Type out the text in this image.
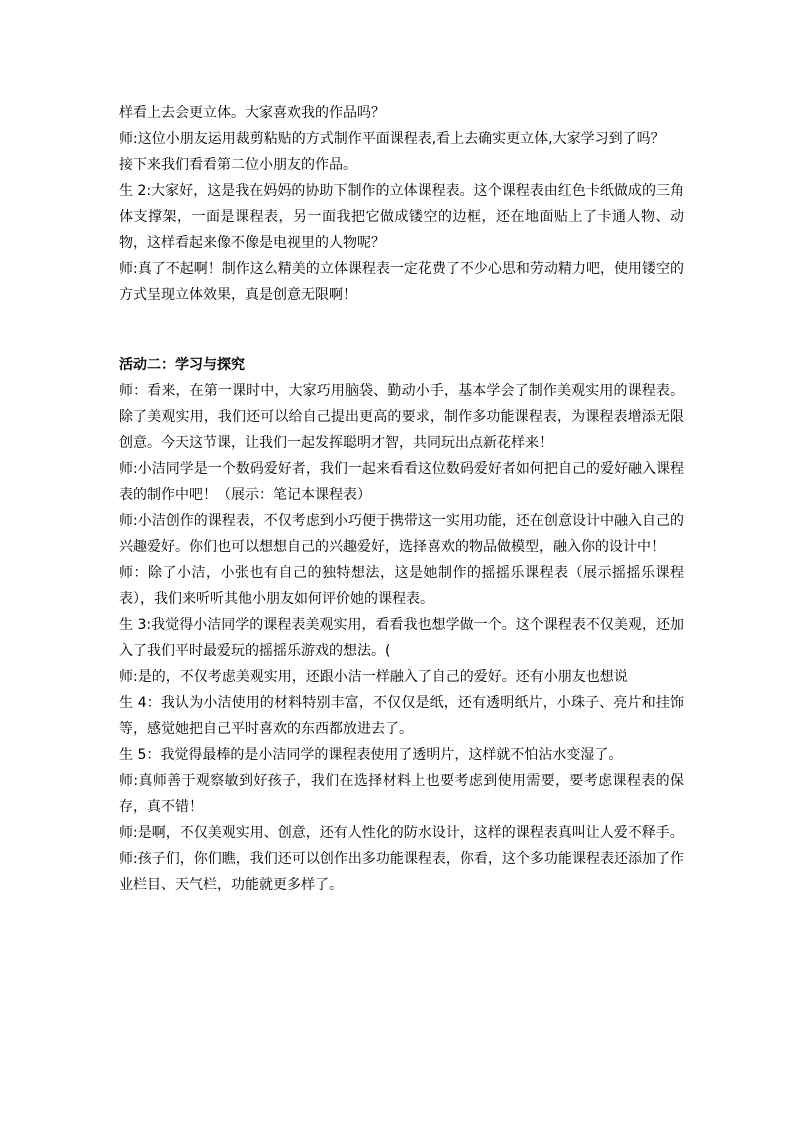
样看上去会更立体。大家喜欢我的作品吗？

师:这位小朋友运用裁剪粘贴的方式制作平面课程表,看上去确实更立体,大家学习到了吗？

接下来我们看看第二位小朋友的作品。

生 2:大家好，这是我在妈妈的协助下制作的立体课程表。这个课程表由红色卡纸做成的三角体支撑架，一面是课程表，另一面我把它做成镂空的边框，还在地面贴上了卡通人物、动物，这样看起来像不像是电视里的人物呢？

师:真了不起啊！制作这么精美的立体课程表一定花费了不少心思和劳动精力吧，使用镂空的方式呈现立体效果，真是创意无限啊！

活动二：学习与探究

师：看来，在第一课时中，大家巧用脑袋、勤动小手，基本学会了制作美观实用的课程表。除了美观实用，我们还可以给自己提出更高的要求，制作多功能课程表，为课程表增添无限创意。今天这节课，让我们一起发挥聪明才智，共同玩出点新花样来！

师:小洁同学是一个数码爱好者，我们一起来看看这位数码爱好者如何把自己的爱好融入课程表的制作中吧！（展示：笔记本课程表）

师:小洁创作的课程表，不仅考虑到小巧便于携带这一实用功能，还在创意设计中融入自己的兴趣爱好。你们也可以想想自己的兴趣爱好，选择喜欢的物品做模型，融入你的设计中！

师：除了小洁，小张也有自己的独特想法，这是她制作的摇摇乐课程表（展示摇摇乐课程表），我们来听听其他小朋友如何评价她的课程表。

生 3:我觉得小洁同学的课程表美观实用，看看我也想学做一个。这个课程表不仅美观，还加入了我们平时最爱玩的摇摇乐游戏的想法。(

师:是的，不仅考虑美观实用，还跟小洁一样融入了自己的爱好。还有小朋友也想说

生 4：我认为小洁使用的材料特别丰富，不仅仅是纸，还有透明纸片，小珠子、亮片和挂饰等，感觉她把自己平时喜欢的东西都放进去了。

生 5：我觉得最棒的是小洁同学的课程表使用了透明片，这样就不怕沾水变湿了。

师:真师善于观察敏到好孩子，我们在选择材料上也要考虑到使用需要，要考虑课程表的保存，真不错！

师:是啊，不仅美观实用、创意，还有人性化的防水设计，这样的课程表真叫让人爱不释手。

师:孩子们，你们瞧，我们还可以创作出多功能课程表，你看，这个多功能课程表还添加了作业栏目、天气栏，功能就更多样了。
